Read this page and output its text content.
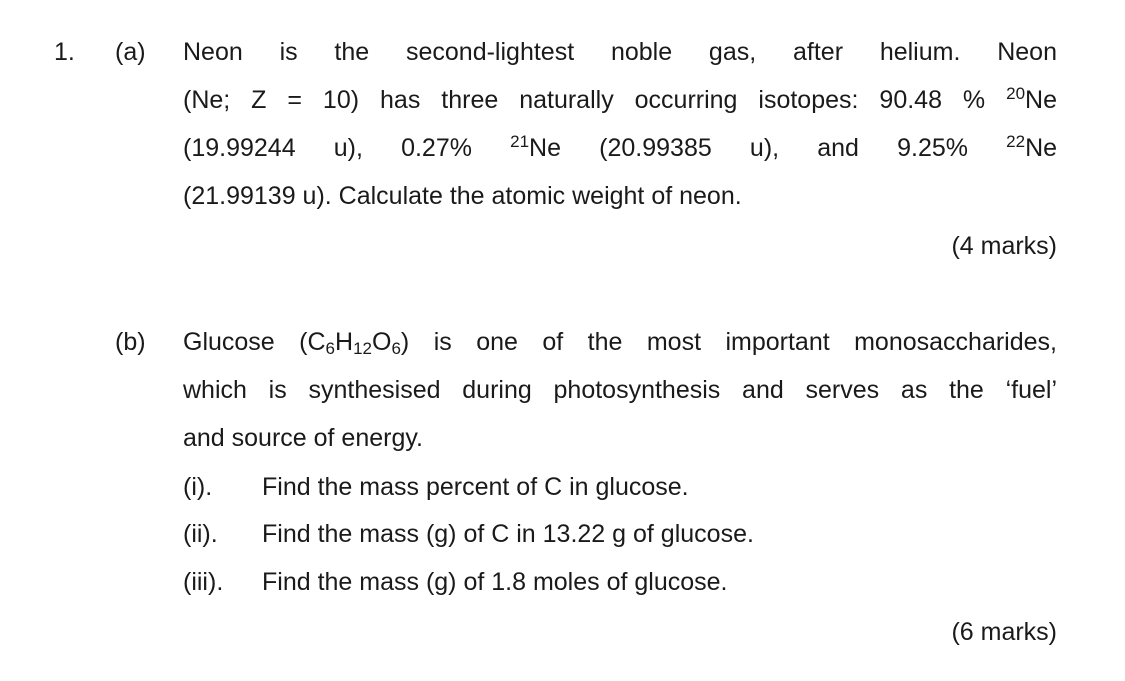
1. (a) Neon is the second-lightest noble gas, after helium. Neon
(Ne; Z = 10) has three naturally occurring isotopes: 90.48 % $^{20}$Ne
(19.99244 u), 0.27% $^{21}$Ne (20.99385 u), and 9.25% $^{22}$Ne
(21.99139 u). Calculate the atomic weight of neon.
(4 marks)
(b) Glucose $(C_6H_{12}O_6)$ is one of the most important monosaccharides,
which is synthesised during photosynthesis and serves as the ‘fuel’
and source of energy.
(i). Find the mass percent of C in glucose.
(ii). Find the mass (g) of C in 13.22 g of glucose.
(iii). Find the mass (g) of 1.8 moles of glucose.
(6 marks)
